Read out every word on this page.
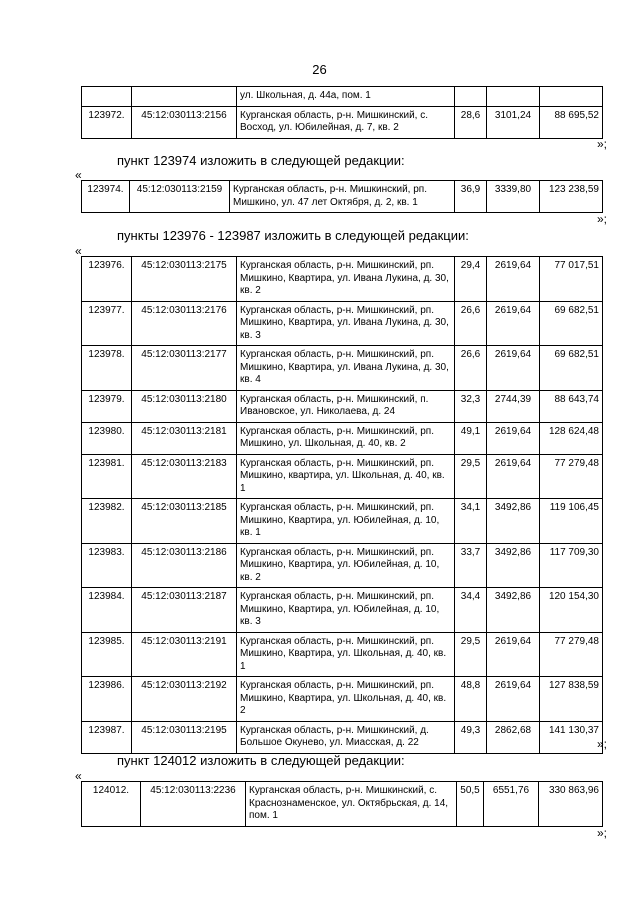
26
		ул. Школьная, д. 44а, пом. 1			
123972.	45:12:030113:2156	Курганская область, р-н. Мишкинский, с. Восход, ул. Юбилейная, д. 7, кв. 2	28,6	3101,24	88 695,52
»;
пункт 123974 изложить в следующей редакции:
«
123974.	45:12:030113:2159	Курганская область, р-н. Мишкинский, рп. Мишкино, ул. 47 лет Октября, д. 2, кв. 1	36,9	3339,80	123 238,59
»;
пункты 123976 - 123987 изложить в следующей редакции:
«
123976.	45:12:030113:2175	Курганская область, р-н. Мишкинский, рп. Мишкино, Квартира, ул. Ивана Лукина, д. 30, кв. 2	29,4	2619,64	77 017,51
123977.	45:12:030113:2176	Курганская область, р-н. Мишкинский, рп. Мишкино, Квартира, ул. Ивана Лукина, д. 30, кв. 3	26,6	2619,64	69 682,51
123978.	45:12:030113:2177	Курганская область, р-н. Мишкинский, рп. Мишкино, Квартира, ул. Ивана Лукина, д. 30, кв. 4	26,6	2619,64	69 682,51
123979.	45:12:030113:2180	Курганская область, р-н. Мишкинский, п. Ивановское, ул. Николаева, д. 24	32,3	2744,39	88 643,74
123980.	45:12:030113:2181	Курганская область, р-н. Мишкинский, рп. Мишкино, ул. Школьная, д. 40, кв. 2	49,1	2619,64	128 624,48
123981.	45:12:030113:2183	Курганская область, р-н. Мишкинский, рп. Мишкино, квартира, ул. Школьная, д. 40, кв. 1	29,5	2619,64	77 279,48
123982.	45:12:030113:2185	Курганская область, р-н. Мишкинский, рп. Мишкино, Квартира, ул. Юбилейная, д. 10, кв. 1	34,1	3492,86	119 106,45
123983.	45:12:030113:2186	Курганская область, р-н. Мишкинский, рп. Мишкино, Квартира, ул. Юбилейная, д. 10, кв. 2	33,7	3492,86	117 709,30
123984.	45:12:030113:2187	Курганская область, р-н. Мишкинский, рп. Мишкино, Квартира, ул. Юбилейная, д. 10, кв. 3	34,4	3492,86	120 154,30
123985.	45:12:030113:2191	Курганская область, р-н. Мишкинский, рп. Мишкино, Квартира, ул. Школьная, д. 40, кв. 1	29,5	2619,64	77 279,48
123986.	45:12:030113:2192	Курганская область, р-н. Мишкинский, рп. Мишкино, Квартира, ул. Школьная, д. 40, кв. 2	48,8	2619,64	127 838,59
123987.	45:12:030113:2195	Курганская область, р-н. Мишкинский, д. Большое Окунево, ул. Миасская, д. 22	49,3	2862,68	141 130,37
»;
пункт 124012 изложить в следующей редакции:
«
124012.	45:12:030113:2236	Курганская область, р-н. Мишкинский, с. Краснознаменское, ул. Октябрьская, д. 14, пом. 1	50,5	6551,76	330 863,96
»;
